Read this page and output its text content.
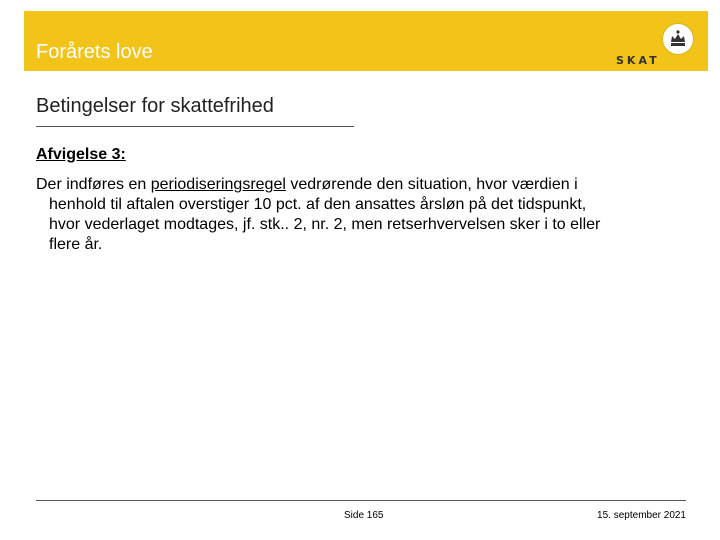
Forårets love	SKAT
Betingelser for skattefrihed
Afvigelse 3:
Der indføres en periodiseringsregel vedrørende den situation, hvor værdien i
henhold til aftalen overstiger 10 pct. af den ansattes årsløn på det tidspunkt,
hvor vederlaget modtages, jf. stk.. 2, nr. 2, men retserhvervelsen sker i to eller
flere år.
Side 165	15. september 2021
